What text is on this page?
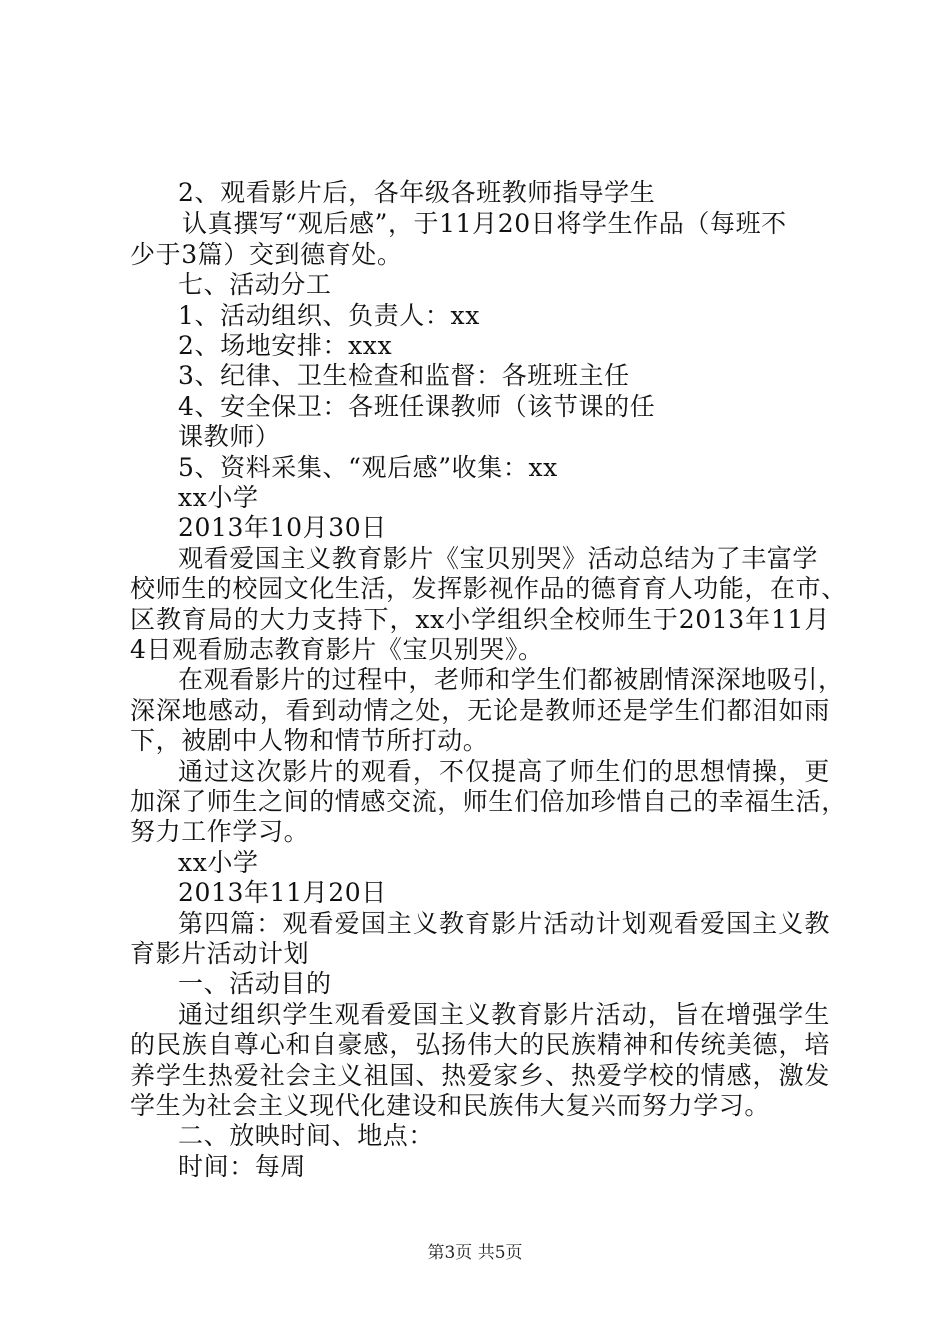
2、观看影片后，各年级各班教师指导学生
认真撰写“观后感”，于11月20日将学生作品（每班不
少于3篇）交到德育处。
七、活动分工
1、活动组织、负责人：xx
2、场地安排：xxx
3、纪律、卫生检查和监督：各班班主任
4、安全保卫：各班任课教师（该节课的任
课教师）
5、资料采集、“观后感”收集：xx
xx小学
2013年10月30日
观看爱国主义教育影片《宝贝别哭》活动总结为了丰富学
校师生的校园文化生活，发挥影视作品的德育育人功能，在市、
区教育局的大力支持下，xx小学组织全校师生于2013年11月
4日观看励志教育影片《宝贝别哭》。
在观看影片的过程中，老师和学生们都被剧情深深地吸引，
深深地感动，看到动情之处，无论是教师还是学生们都泪如雨
下，被剧中人物和情节所打动。
通过这次影片的观看，不仅提高了师生们的思想情操，更
加深了师生之间的情感交流，师生们倍加珍惜自己的幸福生活，
努力工作学习。
xx小学
2013年11月20日
第四篇：观看爱国主义教育影片活动计划观看爱国主义教
育影片活动计划
一、活动目的
通过组织学生观看爱国主义教育影片活动，旨在增强学生
的民族自尊心和自豪感，弘扬伟大的民族精神和传统美德，培
养学生热爱社会主义祖国、热爱家乡、热爱学校的情感，激发
学生为社会主义现代化建设和民族伟大复兴而努力学习。
二、放映时间、地点：
时间：每周
第3页 共5页
